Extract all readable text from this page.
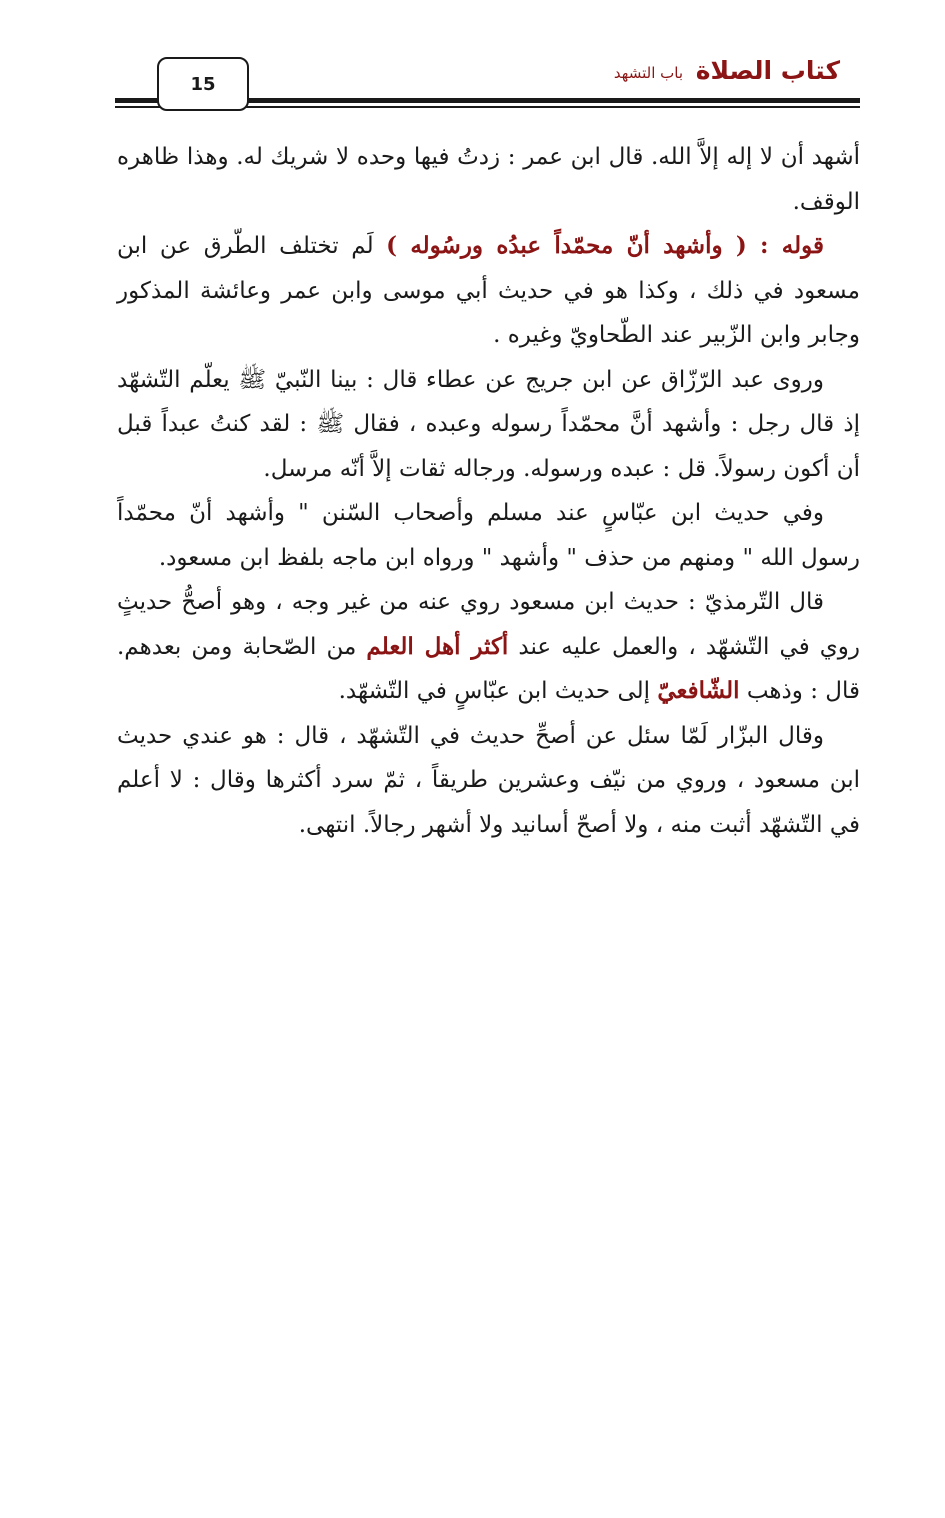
15	كتاب الصلاة
باب التشهد

أشهد أن لا إله إلاَّ الله. قال ابن عمر : زدتُ فيها وحده لا شريك له. وهذا ظاهره الوقف.

قوله : ( وأشهد أنّ محمّداً عبدُه ورسُوله ) لَم تختلف الطّرق عن ابن مسعود في ذلك ، وكذا هو في حديث أبي موسى وابن عمر وعائشة المذكور وجابر وابن الزّبير عند الطّحاويّ وغيره .

وروى عبد الرّزّاق عن ابن جريج عن عطاء قال : بينا النّبيّ ﷺ يعلّم التّشهّد إذ قال رجل : وأشهد أنَّ محمّداً رسوله وعبده ، فقال ﷺ : لقد كنتُ عبداً قبل أن أكون رسولاً. قل : عبده ورسوله. ورجاله ثقات إلاَّ أنّه مرسل.

وفي حديث ابن عبّاسٍ عند مسلم وأصحاب السّنن " وأشهد أنّ محمّداً رسول الله " ومنهم من حذف " وأشهد " ورواه ابن ماجه بلفظ ابن مسعود.

قال التّرمذيّ : حديث ابن مسعود روي عنه من غير وجه ، وهو أصحُّ حديثٍ روي في التّشهّد ، والعمل عليه عند أكثر أهل العلم من الصّحابة ومن بعدهم. قال : وذهب الشّافعيّ إلى حديث ابن عبّاسٍ في التّشهّد.

وقال البزّار لَمّا سئل عن أصحِّ حديث في التّشهّد ، قال : هو عندي حديث ابن مسعود ، وروي من نيّف وعشرين طريقاً ، ثمّ سرد أكثرها وقال : لا أعلم في التّشهّد أثبت منه ، ولا أصحّ أسانيد ولا أشهر رجالاً. انتهى.
